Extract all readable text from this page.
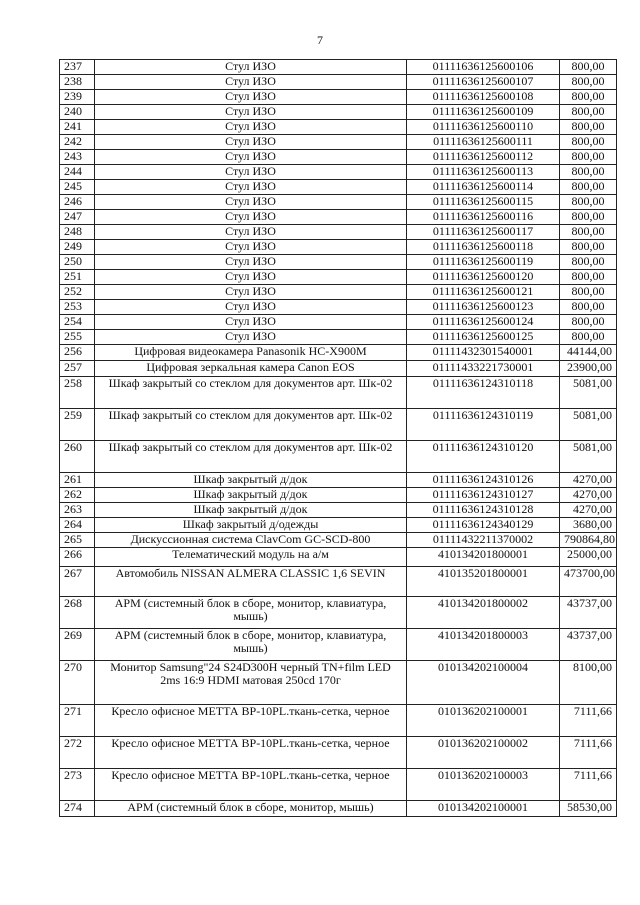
7
237	Стул ИЗО	01111636125600106	800,00
238	Стул ИЗО	01111636125600107	800,00
239	Стул ИЗО	01111636125600108	800,00
240	Стул ИЗО	01111636125600109	800,00
241	Стул ИЗО	01111636125600110	800,00
242	Стул ИЗО	01111636125600111	800,00
243	Стул ИЗО	01111636125600112	800,00
244	Стул ИЗО	01111636125600113	800,00
245	Стул ИЗО	01111636125600114	800,00
246	Стул ИЗО	01111636125600115	800,00
247	Стул ИЗО	01111636125600116	800,00
248	Стул ИЗО	01111636125600117	800,00
249	Стул ИЗО	01111636125600118	800,00
250	Стул ИЗО	01111636125600119	800,00
251	Стул ИЗО	01111636125600120	800,00
252	Стул ИЗО	01111636125600121	800,00
253	Стул ИЗО	01111636125600123	800,00
254	Стул ИЗО	01111636125600124	800,00
255	Стул ИЗО	01111636125600125	800,00
256	Цифровая видеокамера Panasonik HC-X900M	01111432301540001	44144,00
257	Цифровая зеркальная камера Canon EOS	01111433221730001	23900,00
258	Шкаф закрытый со стеклом для документов арт. Шк-02	01111636124310118	5081,00
259	Шкаф закрытый со стеклом для документов арт. Шк-02	01111636124310119	5081,00
260	Шкаф закрытый со стеклом для документов арт. Шк-02	01111636124310120	5081,00
261	Шкаф закрытый д/док	01111636124310126	4270,00
262	Шкаф закрытый д/док	01111636124310127	4270,00
263	Шкаф закрытый д/док	01111636124310128	4270,00
264	Шкаф закрытый д/одежды	01111636124340129	3680,00
265	Дискуссионная система ClavCom GC-SCD-800	01111432211370002	790864,80
266	Телематический модуль на а/м	410134201800001	25000,00
267	Автомобиль NISSAN ALMERA CLASSIC 1,6 SEVIN	410135201800001	473700,00
268	АРМ (системный блок в сборе, монитор, клавиатура, мышь)	410134201800002	43737,00
269	АРМ (системный блок в сборе, монитор, клавиатура, мышь)	410134201800003	43737,00
270	Монитор Samsung"24 S24D300H черный TN+film LED 2ms 16:9 HDMI матовая 250cd 170г	010134202100004	8100,00
271	Кресло офисное МЕТТА ВР-10PL.ткань-сетка, черное	010136202100001	7111,66
272	Кресло офисное МЕТТА ВР-10PL.ткань-сетка, черное	010136202100002	7111,66
273	Кресло офисное МЕТТА ВР-10PL.ткань-сетка, черное	010136202100003	7111,66
274	АРМ (системный блок в сборе, монитор, мышь)	010134202100001	58530,00
